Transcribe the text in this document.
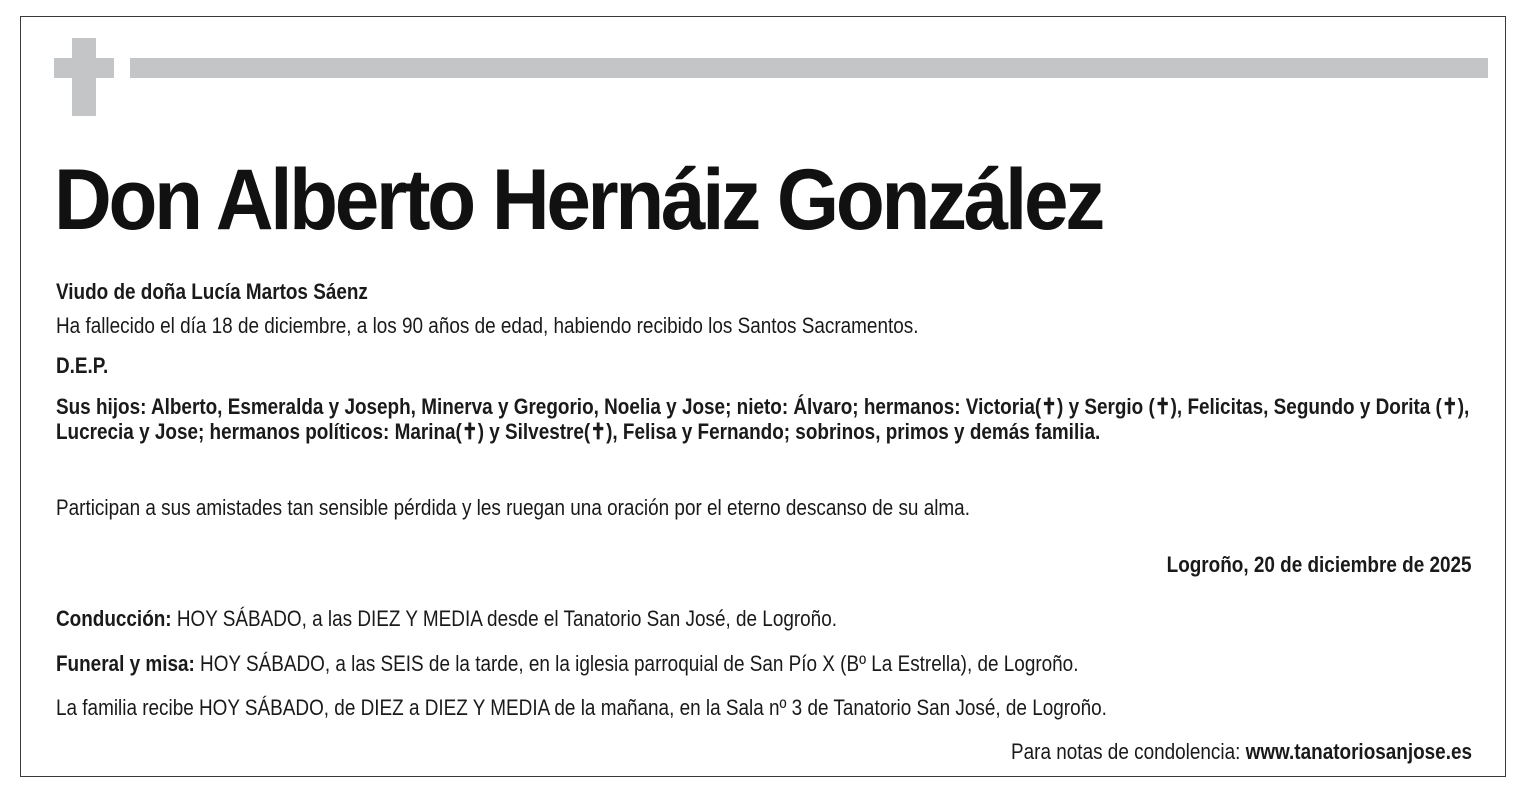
Don Alberto Hernáiz González
Viudo de doña Lucía Martos Sáenz
Ha fallecido el día 18 de diciembre, a los 90 años de edad, habiendo recibido los Santos Sacramentos.
D.E.P.
Sus hijos: Alberto, Esmeralda y Joseph, Minerva y Gregorio, Noelia y Jose; nieto: Álvaro; hermanos: Victoria(✝) y Sergio (✝), Felicitas, Segundo y Dorita (✝), Lucrecia y Jose; hermanos políticos: Marina(✝) y Silvestre(✝), Felisa y Fernando; sobrinos, primos y demás familia.
Participan a sus amistades tan sensible pérdida y les ruegan una oración por el eterno descanso de su alma.
Logroño, 20 de diciembre de 2025
Conducción: HOY SÁBADO, a las DIEZ Y MEDIA desde el Tanatorio San José, de Logroño.
Funeral y misa: HOY SÁBADO, a las SEIS de la tarde, en la iglesia parroquial de San Pío X (Bº La Estrella), de Logroño.
La familia recibe HOY SÁBADO, de DIEZ a DIEZ Y MEDIA de la mañana, en la Sala nº 3 de Tanatorio San José, de Logroño.
Para notas de condolencia: www.tanatoriosanjose.es
